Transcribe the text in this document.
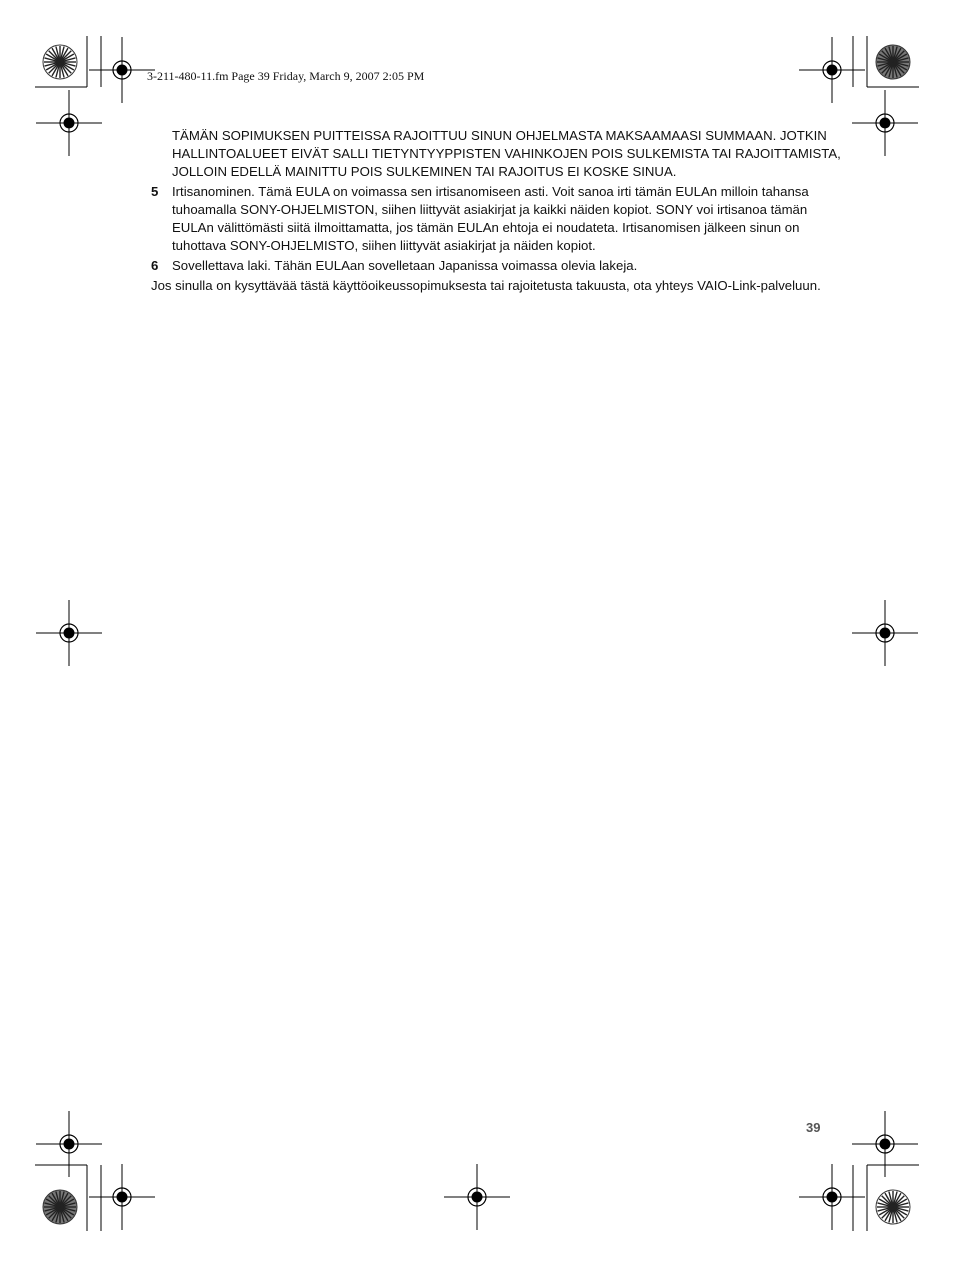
3-211-480-11.fm Page 39 Friday, March 9, 2007 2:05 PM

TÄMÄN SOPIMUKSEN PUITTEISSA RAJOITTUU SINUN OHJELMASTA MAKSAAMAASI SUMMAAN. JOTKIN HALLINTOALUEET EIVÄT SALLI TIETYNTYYPPISTEN VAHINKOJEN POIS SULKEMISTA TAI RAJOITTAMISTA, JOLLOIN EDELLÄ MAINITTU POIS SULKEMINEN TAI RAJOITUS EI KOSKE SINUA.

5	Irtisanominen. Tämä EULA on voimassa sen irtisanomiseen asti. Voit sanoa irti tämän EULAn milloin tahansa tuhoamalla SONY-OHJELMISTON, siihen liittyvät asiakirjat ja kaikki näiden kopiot. SONY voi irtisanoa tämän EULAn välittömästi siitä ilmoittamatta, jos tämän EULAn ehtoja ei noudateta. Irtisanomisen jälkeen sinun on tuhottava SONY-OHJELMISTO, siihen liittyvät asiakirjat ja näiden kopiot.
6	Sovellettava laki. Tähän EULAan sovelletaan Japanissa voimassa olevia lakeja.

Jos sinulla on kysyttävää tästä käyttöoikeussopimuksesta tai rajoitetusta takuusta, ota yhteys VAIO-Link-palveluun.

39
